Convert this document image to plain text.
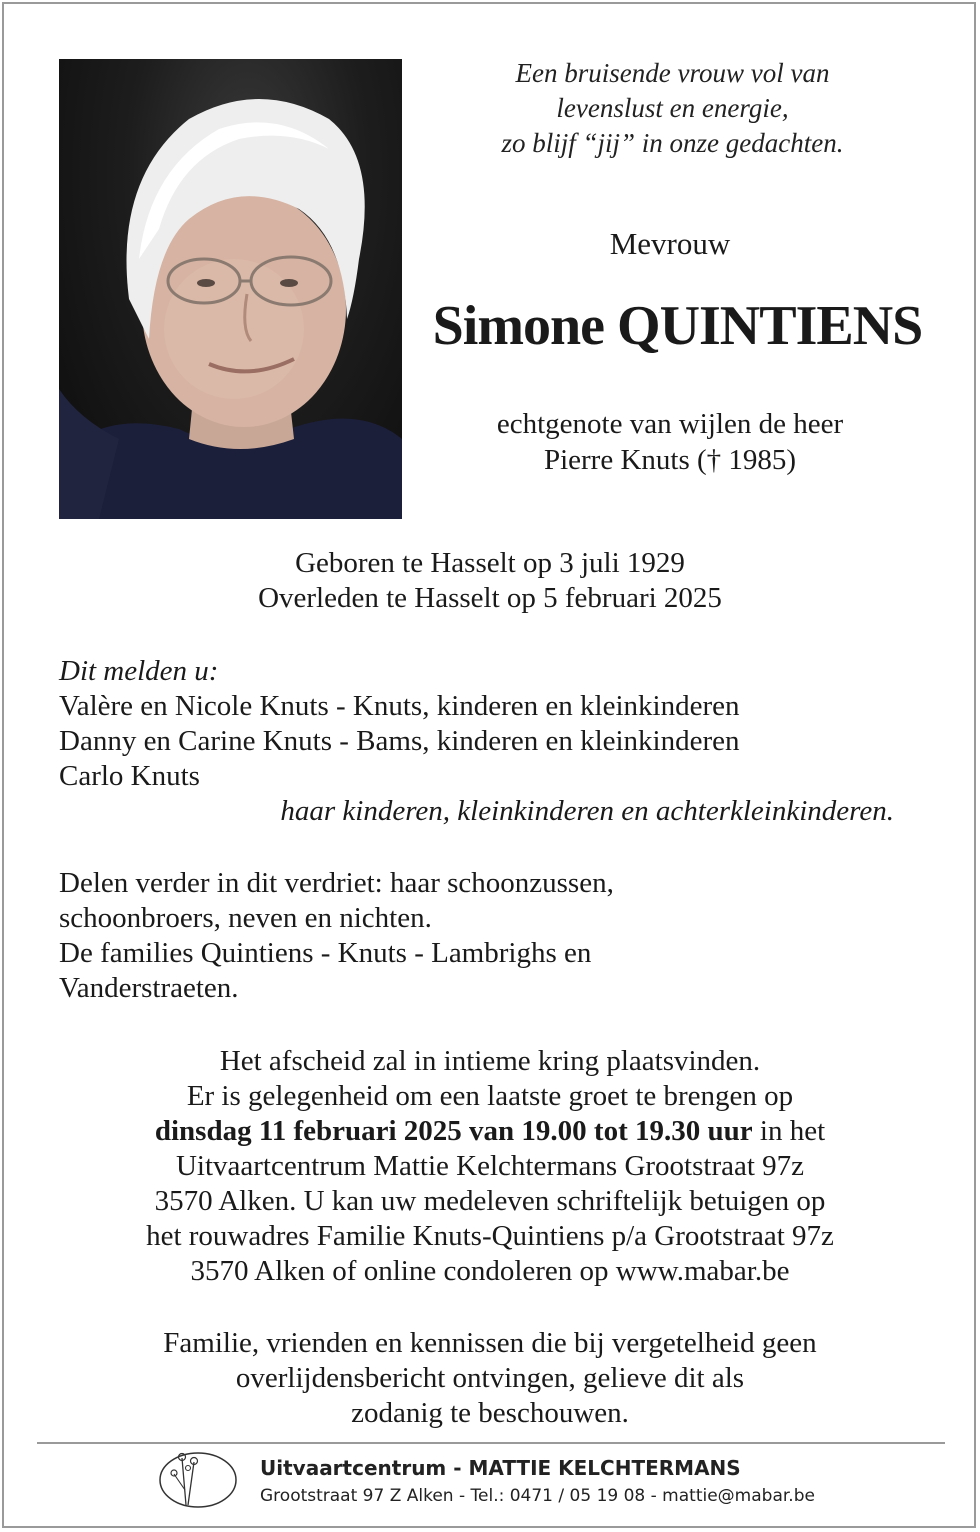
Een bruisende vrouw vol van
levenslust en energie,
zo blijf “jij” in onze gedachten.
Mevrouw
Simone QUINTIENS
echtgenote van wijlen de heer
Pierre Knuts († 1985)
Geboren te Hasselt op 3 juli 1929
Overleden te Hasselt op 5 februari 2025
Dit melden u:
Valère en Nicole Knuts - Knuts, kinderen en kleinkinderen
Danny en Carine Knuts - Bams, kinderen en kleinkinderen
Carlo Knuts
haar kinderen, kleinkinderen en achterkleinkinderen.
Delen verder in dit verdriet: haar schoonzussen,
schoonbroers, neven en nichten.
De families Quintiens - Knuts - Lambrighs en
Vanderstraeten.
Het afscheid zal in intieme kring plaatsvinden.
Er is gelegenheid om een laatste groet te brengen op
dinsdag 11 februari 2025 van 19.00 tot 19.30 uur in het
Uitvaartcentrum Mattie Kelchtermans Grootstraat 97z
3570 Alken. U kan uw medeleven schriftelijk betuigen op
het rouwadres Familie Knuts-Quintiens p/a Grootstraat 97z
3570 Alken of online condoleren op www.mabar.be
Familie, vrienden en kennissen die bij vergetelheid geen
overlijdensbericht ontvingen, gelieve dit als
zodanig te beschouwen.
Uitvaartcentrum - MATTIE KELCHTERMANS
Grootstraat 97 Z Alken - Tel.: 0471 / 05 19 08 - mattie@mabar.be
